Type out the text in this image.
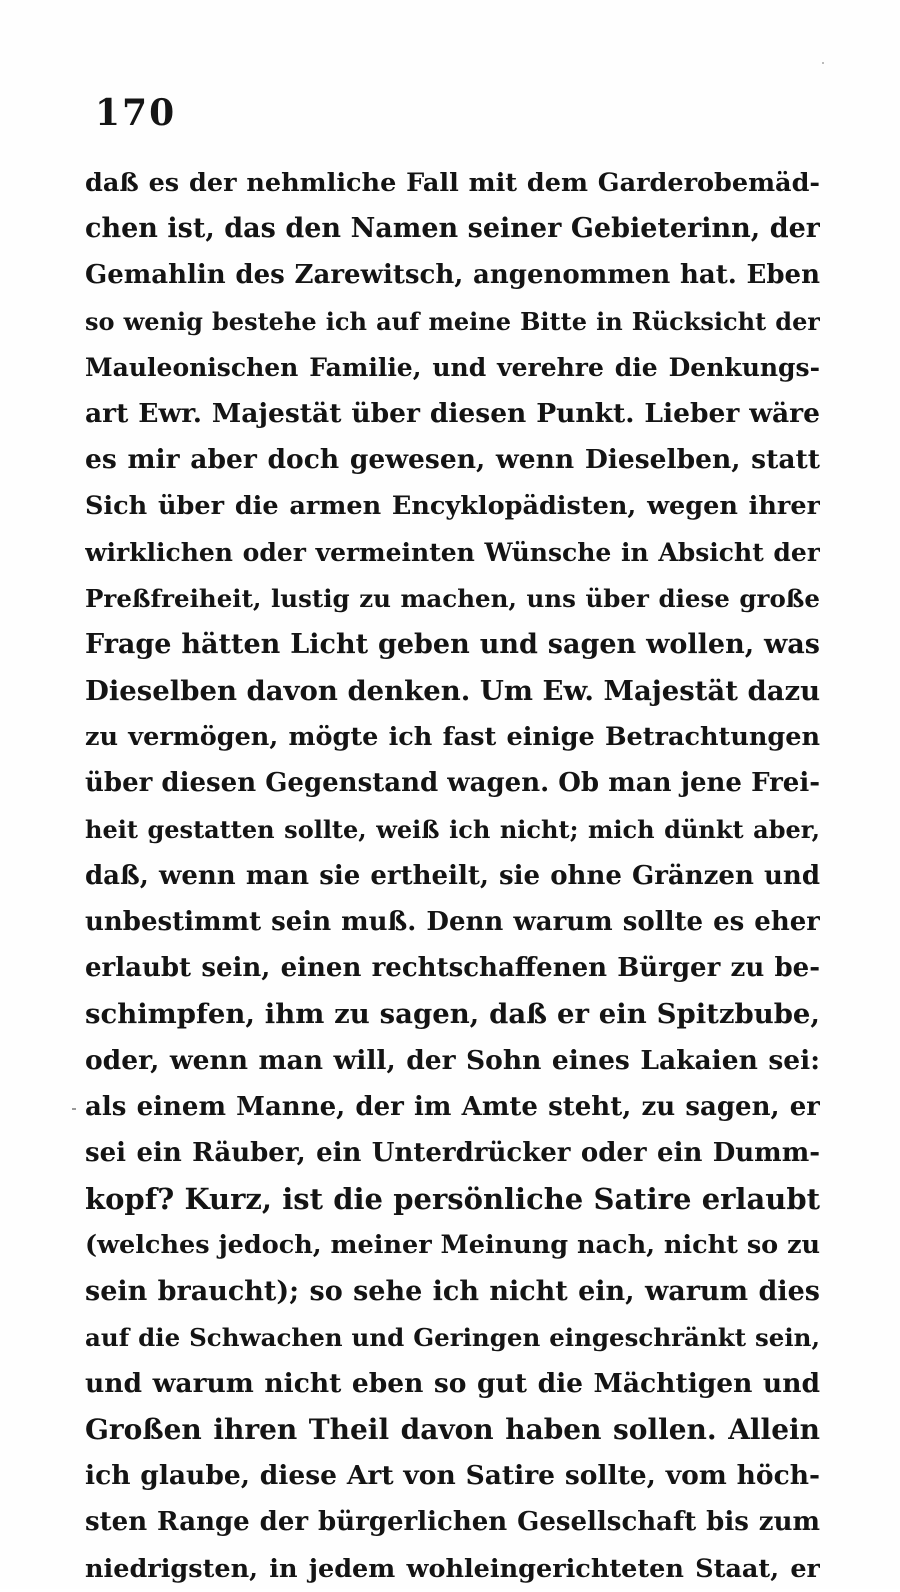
170
daß es der nehmliche Fall mit dem Garderobemäd-
chen ist, das den Namen seiner Gebieterinn, der
Gemahlin des Zarewitsch, angenommen hat. Eben
so wenig bestehe ich auf meine Bitte in Rücksicht der
Mauleonischen Familie, und verehre die Denkungs-
art Ewr. Majestät über diesen Punkt. Lieber wäre
es mir aber doch gewesen, wenn Dieselben, statt
Sich über die armen Encyklopädisten, wegen ihrer
wirklichen oder vermeinten Wünsche in Absicht der
Preßfreiheit, lustig zu machen, uns über diese große
Frage hätten Licht geben und sagen wollen, was
Dieselben davon denken. Um Ew. Majestät dazu
zu vermögen, mögte ich fast einige Betrachtungen
über diesen Gegenstand wagen. Ob man jene Frei-
heit gestatten sollte, weiß ich nicht; mich dünkt aber,
daß, wenn man sie ertheilt, sie ohne Gränzen und
unbestimmt sein muß. Denn warum sollte es eher
erlaubt sein, einen rechtschaffenen Bürger zu be-
schimpfen, ihm zu sagen, daß er ein Spitzbube,
oder, wenn man will, der Sohn eines Lakaien sei:
als einem Manne, der im Amte steht, zu sagen, er
sei ein Räuber, ein Unterdrücker oder ein Dumm-
kopf? Kurz, ist die persönliche Satire erlaubt
(welches jedoch, meiner Meinung nach, nicht so zu
sein braucht); so sehe ich nicht ein, warum dies
auf die Schwachen und Geringen eingeschränkt sein,
und warum nicht eben so gut die Mächtigen und
Großen ihren Theil davon haben sollen. Allein
ich glaube, diese Art von Satire sollte, vom höch-
sten Range der bürgerlichen Gesellschaft bis zum
niedrigsten, in jedem wohleingerichteten Staat, er
